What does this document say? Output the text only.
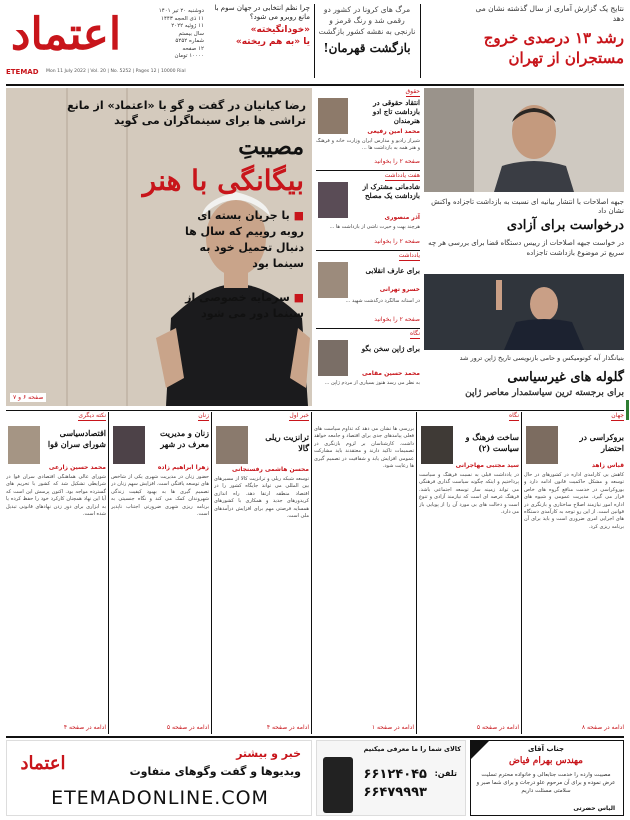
اعتماد	دوشنبه ۲۰ تیر ۱۴۰۱
۱۱ ذی الحجه ۱۴۴۳
۱۱ ژوئیه ۲۰۲۲
سال بیستم
شماره ۵۲۵۲
۱۲ صفحه
۱۰۰۰۰ تومان
ETEMAD Mon 11 July 2022 | Vol. 20 | No. 5252 | Pages 12 | 10000 Rial
چرا نظم انتخابی در جهان سوم با مانع روبرو می شود؟
«خودانگیخته»
یا «به هم ریخته»
مرگ های کرونا در کشور دو رقمی شد و رنگ قرمز و نارنجی به نقشه کشور بازگشت
بازگشت قهرمان!
نتایج یک گزارش آماری از سال گذشته نشان می دهد
رشد ۱۳ درصدی خروج مستجران از تهران
رضا کیانیان در گفت و گو با «اعتماد» از مانع تراشی ها برای سینماگران می گوید
مصیبتِ
بیگانگی با هنر
■ با جریان بسته ای روبه روییم که سال ها دنبال تحمیل خود به سینما بود
■ سرمایه خصوصی از سینما دور می شود
صفحه ۶ و ۷
حقوق
انتقاد حقوقی در بازداشت تاج ادو هنرمندان
محمد امین رفیعی
شیراز رادیو و مدارس ایران وزارت خانه و فرهنگ و هنر همه به بازداشت ها ...
صفحه ۲ را بخوانید
هفت یادداشت
شادمانی مشترک از بازداشت یک مصلح
آذر منصوری
هرچند بهت و حیرت ناشی از بازداشت ها ...
صفحه ۲ را بخوانید
یادداشت
برای عارف انقلابی
خسرو تهرانی
در آستانه سالگرد درگذشت شهید ...
صفحه ۲ را بخوانید
نگاه
برای ژاپن سخن بگو
محمد حسین مقامی
به نظر می رسد هنوز بسیاری از مردم ژاپن ...
جبهه اصلاحات با انتشار بیانیه ای نسبت به بازداشت تاجزاده واکنش نشان داد
درخواست برای آزادی
در خواست جبهه اصلاحات از رییس دستگاه قضا برای بررسی هر چه سریع تر موضوع بازداشت تاجزاده
بنیانگذار آبه کونومیکس و حامی بازنویسی تاریخ ژاپن ترور شد
گلوله های غیرسیاسی
برای برجسته ترین سیاستمدار معاصر ژاپن
جهان
بروکراسی در احتضار
قباس زاهد
کاهش بی کارآمدی اداره در کشورهای در حال توسعه و مشکل حاکمیت قانون ادامه دارد و بوروکراسی در خدمت منافع گروه های خاص قرار می گیرد. مدیریت عمومی و شیوه های اداره امور نیازمند اصلاح ساختاری و بازنگری در قوانین است. از این رو توجه به کارآمدی دستگاه های اجرایی امری ضروری است و باید برای آن برنامه ریزی کرد.
ادامه در صفحه ۸
نگاه
ساخت فرهنگ و سیاست (۲)
سید مجتبی مهاجرانی
در یادداشت قبلی به نسبت فرهنگ و سیاست پرداختیم و اینکه چگونه سیاست گذاری فرهنگی می تواند زمینه ساز توسعه اجتماعی باشد. فرهنگ عرصه ای است که نیازمند آزادی و تنوع است و دخالت های بی مورد آن را از پویایی باز می دارد.
ادامه در صفحه ۵
بررسی ها نشان می دهد که تداوم سیاست های فعلی پیامدهای جدی برای اقتصاد و جامعه خواهد داشت. کارشناسان بر لزوم بازنگری در تصمیمات تاکید دارند و معتقدند باید مشارکت عمومی افزایش یابد و شفافیت در تصمیم گیری ها رعایت شود.
ادامه در صفحه ۱
خبر اول
ترانزیت ریلی گالا
محسن هاشمی رفسنجانی
توسعه شبکه ریلی و ترانزیت کالا از مسیرهای بین المللی می تواند جایگاه کشور را در اقتصاد منطقه ارتقا دهد. راه اندازی کریدورهای جدید و همکاری با کشورهای همسایه فرصتی مهم برای افزایش درآمدهای ملی است.
ادامه در صفحه ۴
زنان
زنان و مدیریت معرف در شهر
زهرا ابراهیم زاده
حضور زنان در مدیریت شهری یکی از شاخص های توسعه یافتگی است. افزایش سهم زنان در تصمیم گیری ها به بهبود کیفیت زندگی شهروندان کمک می کند و نگاه جنسیتی به برنامه ریزی شهری ضرورتی اجتناب ناپذیر است.
ادامه در صفحه ۵
نکته دیگری
اقتصادسیاسی شورای سران قوا
محمد حسین زارعی
شورای عالی هماهنگی اقتصادی سران قوا در شرایطی تشکیل شد که کشور با تحریم های گسترده مواجه بود. اکنون پرسش این است که آیا این نهاد همچنان کارکرد خود را حفظ کرده یا به ابزاری برای دور زدن نهادهای قانونی تبدیل شده است.
ادامه در صفحه ۴
اعتماد	خبر و بیشتر
ویدیوها و گفت وگوهای متفاوت
ETEMADONLINE.COM
کالای شما را ما معرفی میکنیم
تلفن:
۶۶۱۲۴۰۴۵
۶۶۴۷۹۹۹۳
جناب آقای
مهندس بهرام فیاض
مصیبت وارده را خدمت جنابعالی و خانواده محترم تسلیت عرض نموده و برای آن مرحوم علو درجات و برای شما صبر و سلامتی مسئلت داریم
الیاس حضرتی
